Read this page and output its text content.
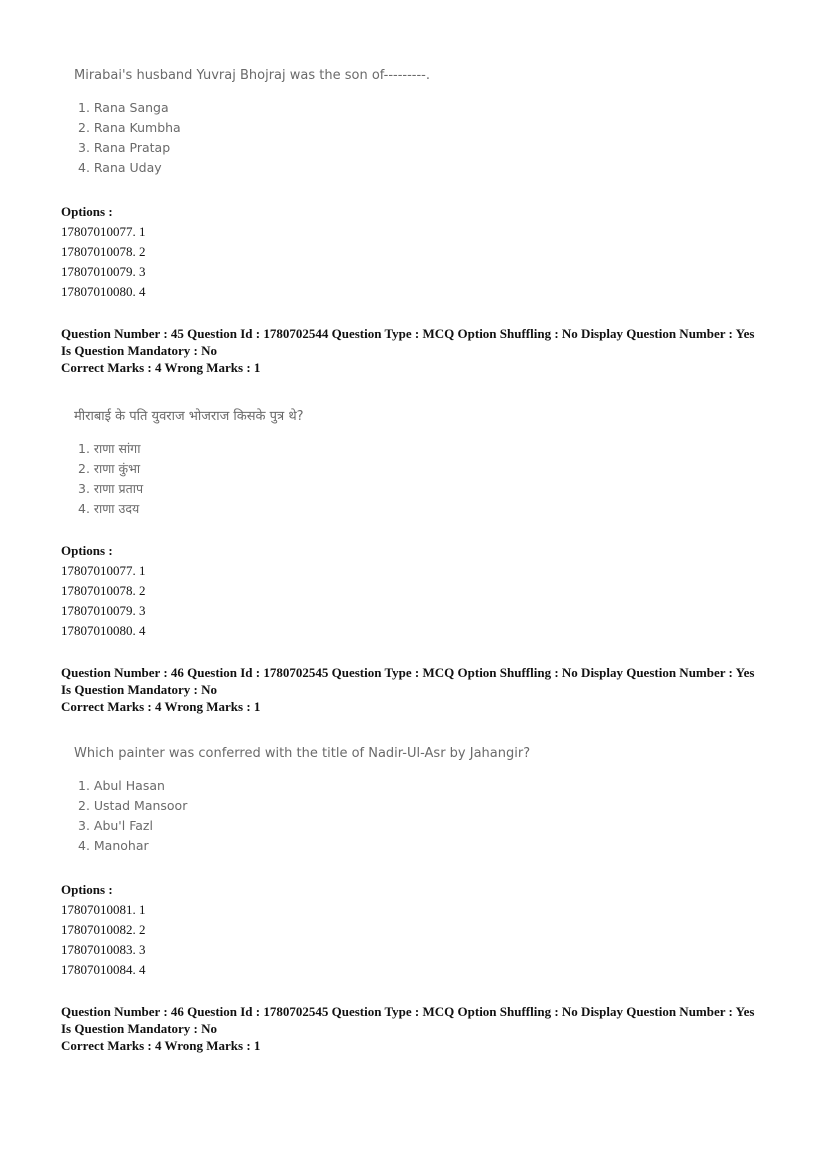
Mirabai's husband Yuvraj Bhojraj was the son of---------.
1. Rana Sanga
2. Rana Kumbha
3. Rana Pratap
4. Rana Uday
Options :
17807010077. 1
17807010078. 2
17807010079. 3
17807010080. 4
Question Number : 45 Question Id : 1780702544 Question Type : MCQ Option Shuffling : No Display Question Number : Yes
Is Question Mandatory : No
Correct Marks : 4 Wrong Marks : 1
मीराबाई के पति युवराज भोजराज किसके पुत्र थे?
1. राणा सांगा
2. राणा कुंभा
3. राणा प्रताप
4. राणा उदय
Options :
17807010077. 1
17807010078. 2
17807010079. 3
17807010080. 4
Question Number : 46 Question Id : 1780702545 Question Type : MCQ Option Shuffling : No Display Question Number : Yes
Is Question Mandatory : No
Correct Marks : 4 Wrong Marks : 1
Which painter was conferred with the title of Nadir-Ul-Asr by Jahangir?
1. Abul Hasan
2. Ustad Mansoor
3. Abu'l Fazl
4. Manohar
Options :
17807010081. 1
17807010082. 2
17807010083. 3
17807010084. 4
Question Number : 46 Question Id : 1780702545 Question Type : MCQ Option Shuffling : No Display Question Number : Yes
Is Question Mandatory : No
Correct Marks : 4 Wrong Marks : 1
